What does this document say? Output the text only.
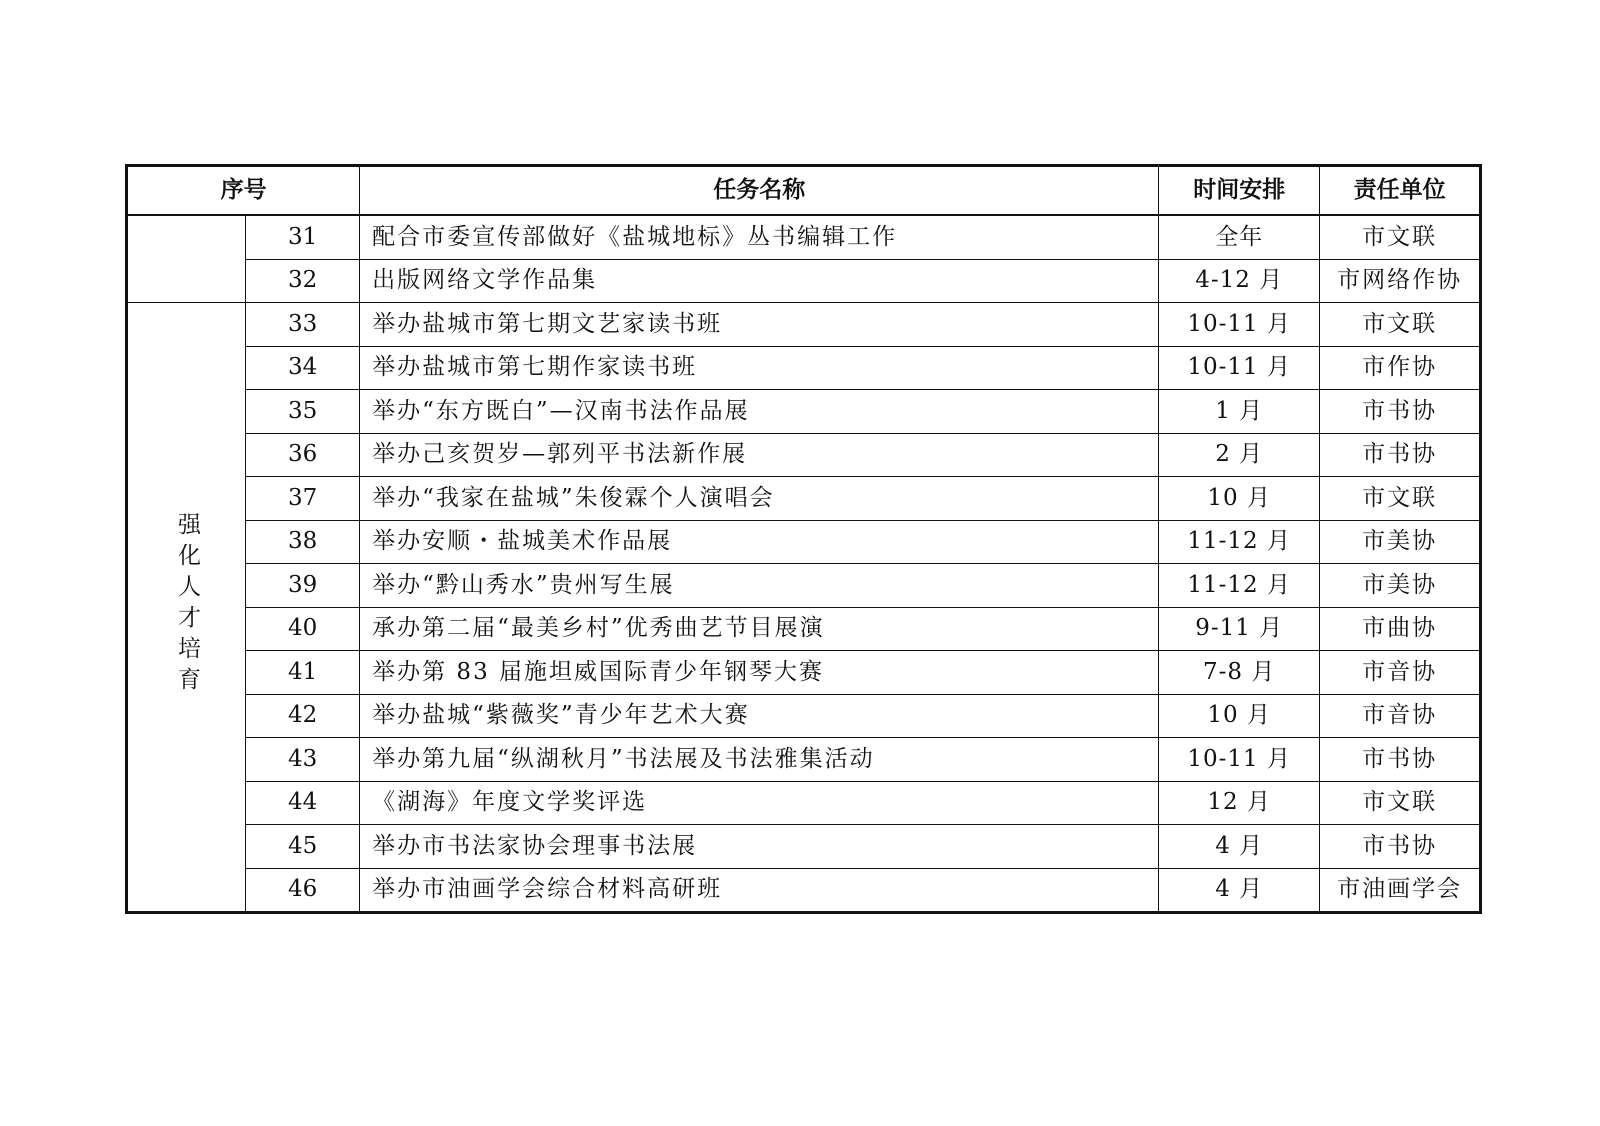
序号		任务名称	时间安排	责任单位
	31	配合市委宣传部做好《盐城地标》丛书编辑工作	全年	市文联
	32	出版网络文学作品集	4-12 月	市网络作协
强化人才培育	33	举办盐城市第七期文艺家读书班	10-11 月	市文联
	34	举办盐城市第七期作家读书班	10-11 月	市作协
	35	举办“东方既白”—汉南书法作品展	1 月	市书协
	36	举办己亥贺岁—郭列平书法新作展	2 月	市书协
	37	举办“我家在盐城”朱俊霖个人演唱会	10 月	市文联
	38	举办安顺・盐城美术作品展	11-12 月	市美协
	39	举办“黔山秀水”贵州写生展	11-12 月	市美协
	40	承办第二届“最美乡村”优秀曲艺节目展演	9-11 月	市曲协
	41	举办第 83 届施坦威国际青少年钢琴大赛	7-8 月	市音协
	42	举办盐城“紫薇奖”青少年艺术大赛	10 月	市音协
	43	举办第九届“纵湖秋月”书法展及书法雅集活动	10-11 月	市书协
	44	《湖海》年度文学奖评选	12 月	市文联
	45	举办市书法家协会理事书法展	4 月	市书协
	46	举办市油画学会综合材料高研班	4 月	市油画学会
